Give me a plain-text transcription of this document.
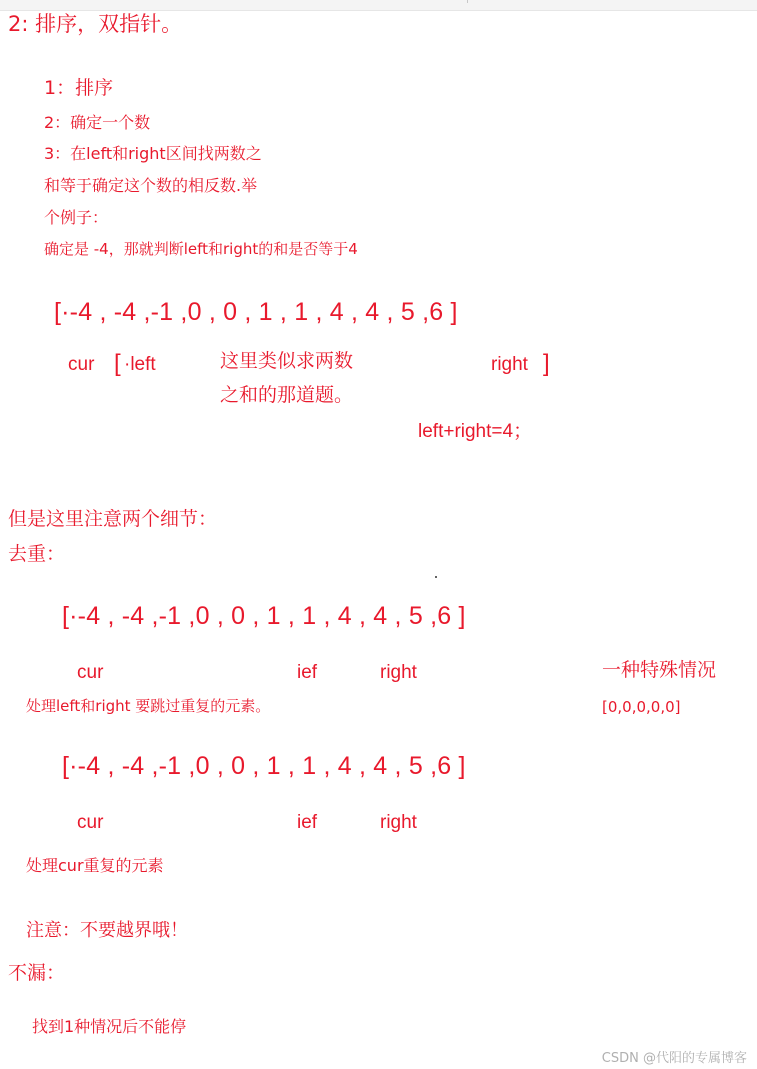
2: 排序，双指针。
1：排序
2：确定一个数
3：在left和right区间找两数之
和等于确定这个数的相反数.举
个例子：
确定是 -4，那就判断left和right的和是否等于4
[·-4 , -4 ,-1 ,0 , 0 , 1 , 1 , 4 , 4 , 5 ,6 ]
cur [ ·left	这里类似求两数
之和的那道题。
right ]
left+right=4；
但是这里注意两个细节：
去重：
[·-4 , -4 ,-1 ,0 , 0 , 1 , 1 , 4 , 4 , 5 ,6 ]
cur	ief	right	一种特殊情况
处理left和right 要跳过重复的元素。	[0,0,0,0,0]
[·-4 , -4 ,-1 ,0 , 0 , 1 , 1 , 4 , 4 , 5 ,6 ]
cur	ief	right
处理cur重复的元素
注意：不要越界哦！
不漏：
找到1种情况后不能停
CSDN @代阳的专属博客
